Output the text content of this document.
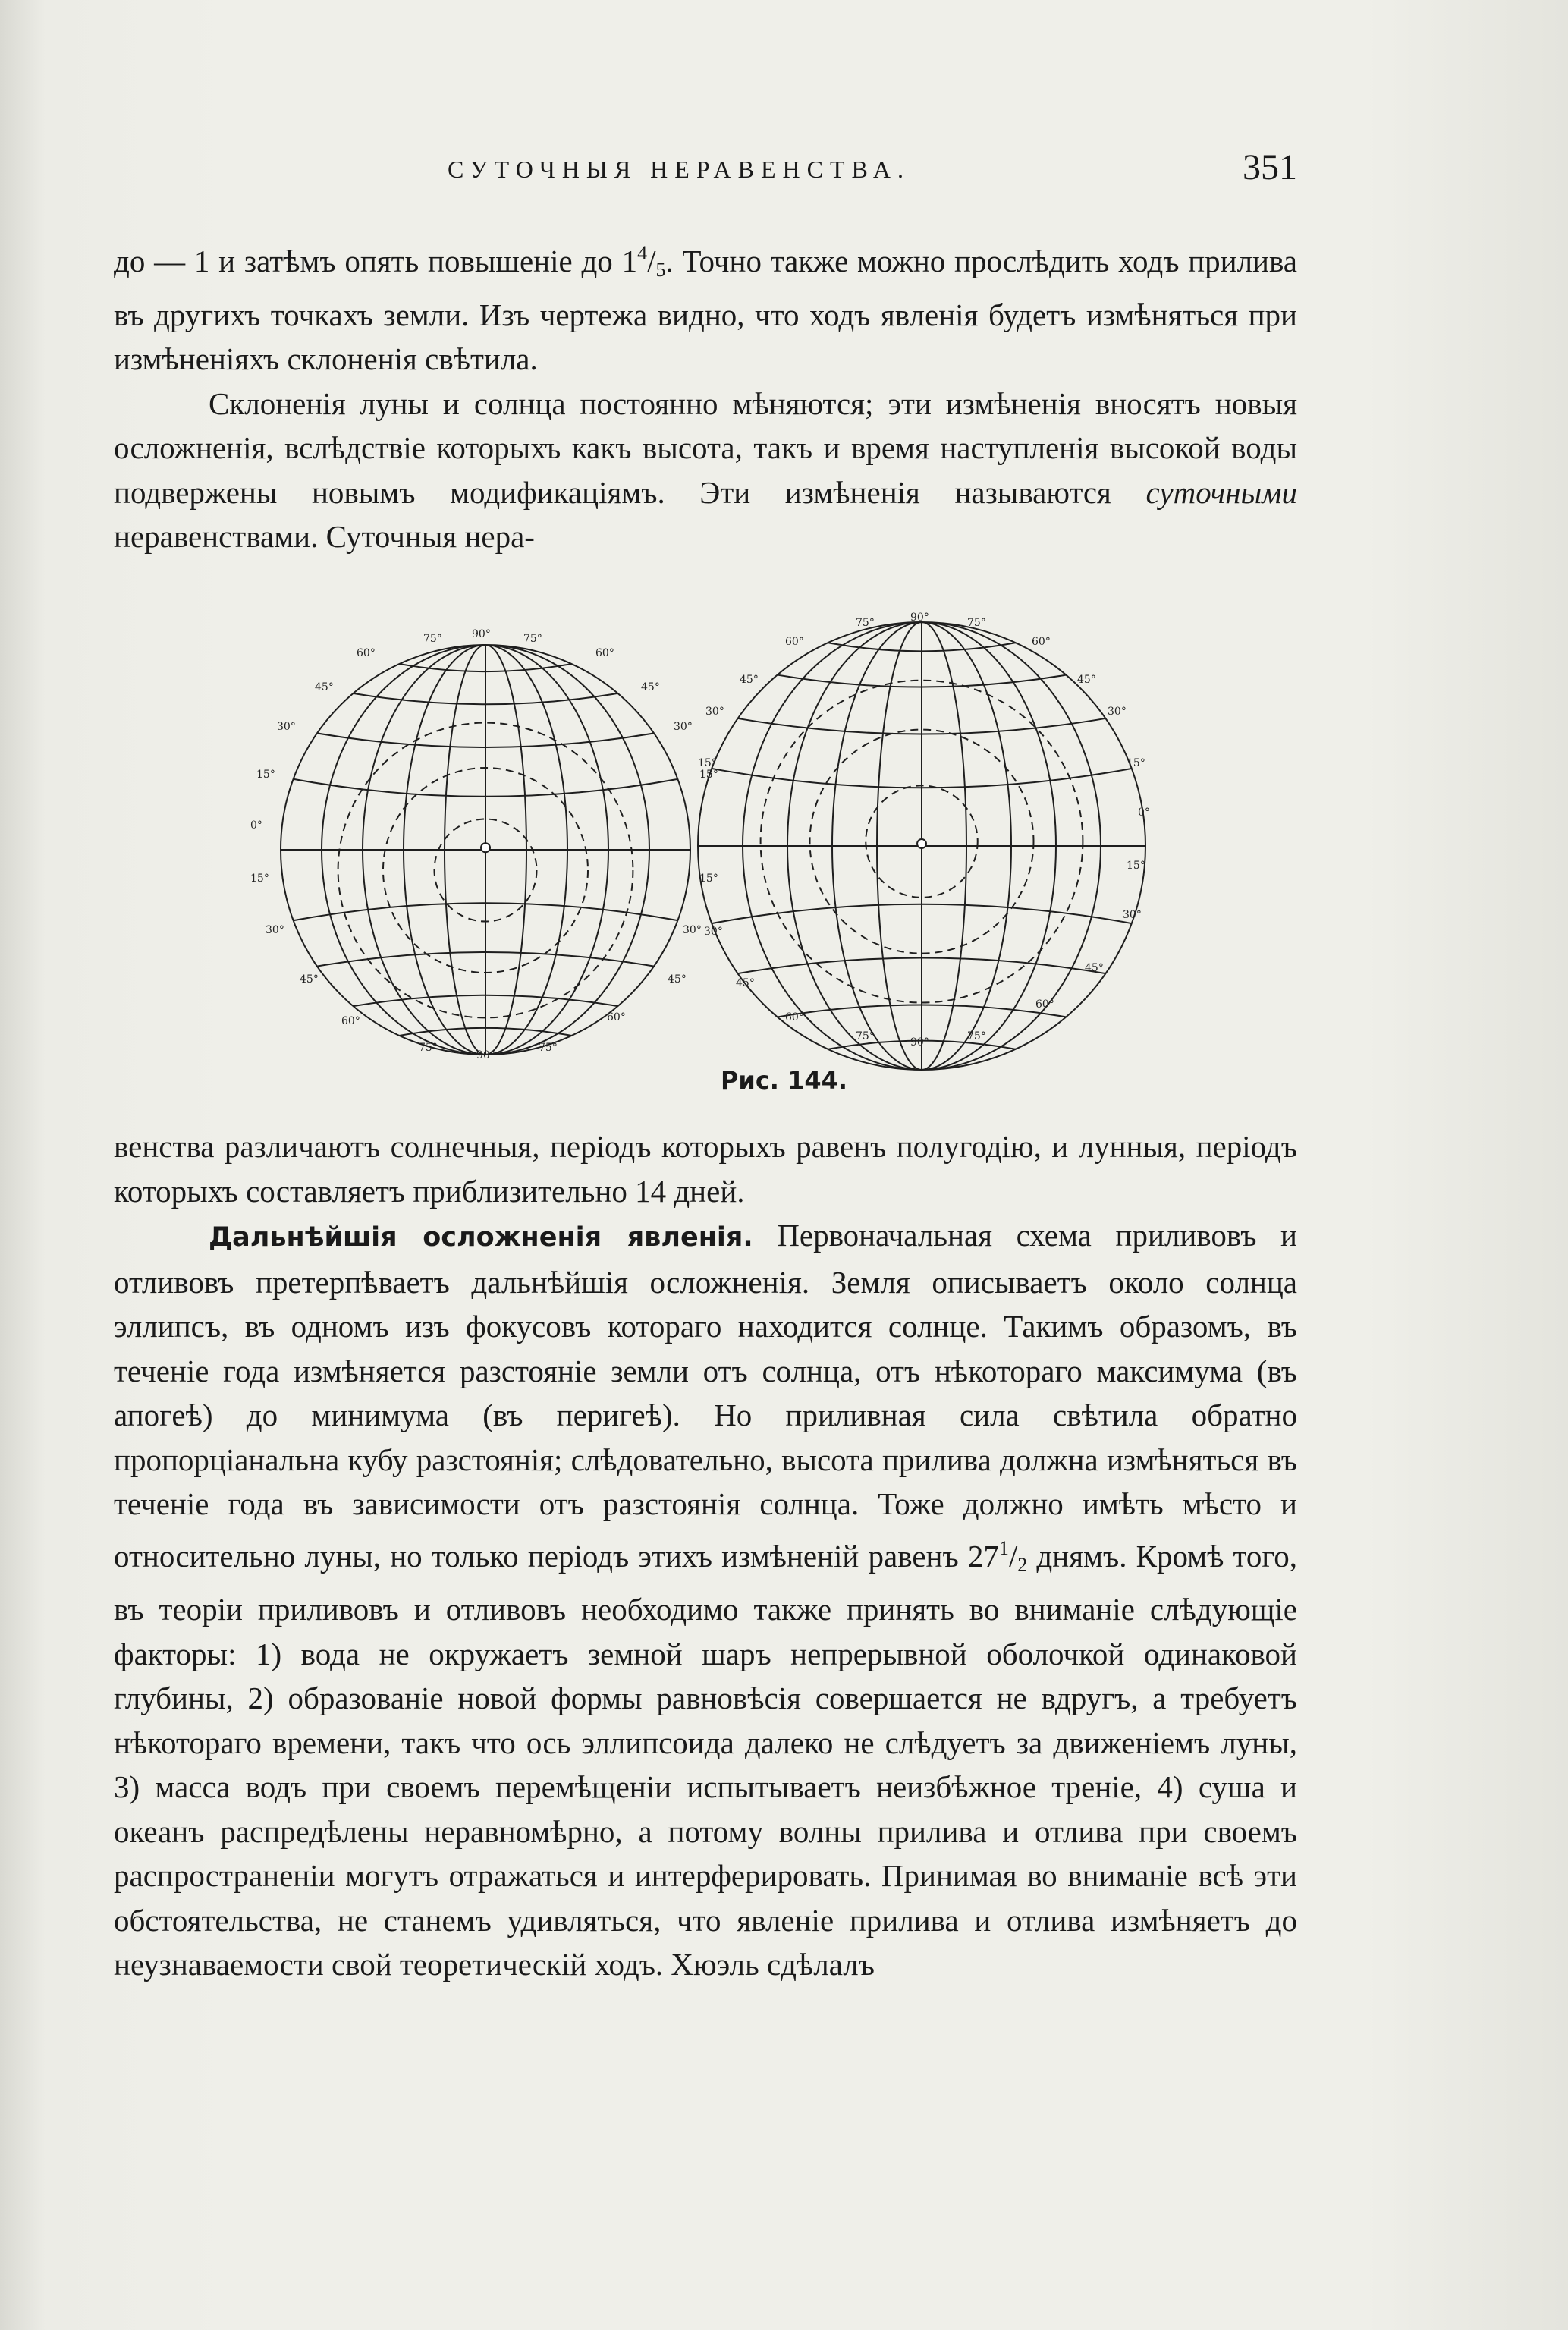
СУТОЧНЫЯ НЕРАВЕНСТВА.	351

до — 1 и затѣмъ опять повышеніе до $1^4/_5$. Точно также можно прослѣдить ходъ прилива въ другихъ точкахъ земли. Изъ чертежа видно, что ходъ явленія будетъ измѣняться при измѣненіяхъ склоненія свѣтила.

Склоненія луны и солнца постоянно мѣняются; эти измѣненія вносятъ новыя осложненія, вслѣдствіе которыхъ какъ высота, такъ и время наступленія высокой воды подвержены новымъ модификаціямъ. Эти измѣненія называются суточными неравенствами. Суточныя нера-

90°
75°	75°
60°	60°
45°	45°
30°	30°
15°	15°
0°
15°	15°
30°	30°
45°	45°
60°	60°
75°	75°
90°
90°
75°	75°
60°	60°
45°	45°
30°	30°
15°	15°
0°
15°
30°
30°
45°
45°
60°
60°
75°	75°
90°
Рис. 144.

венства различаютъ солнечныя, періодъ которыхъ равенъ полугодію, и лунныя, періодъ которыхъ составляетъ приблизительно 14 дней.

Дальнѣйшія осложненія явленія. Первоначальная схема приливовъ и отливовъ претерпѣваетъ дальнѣйшія осложненія. Земля описываетъ около солнца эллипсъ, въ одномъ изъ фокусовъ котораго находится солнце. Такимъ образомъ, въ теченіе года измѣняется разстояніе земли отъ солнца, отъ нѣкотораго максимума (въ апогеѣ) до минимума (въ перигеѣ). Но приливная сила свѣтила обратно пропорціанальна кубу разстоянія; слѣдовательно, высота прилива должна измѣняться въ теченіе года въ зависимости отъ разстоянія солнца. Тоже должно имѣть мѣсто и относительно луны, но только періодъ этихъ измѣненій равенъ $27^1/_2$ днямъ. Кромѣ того, въ теоріи приливовъ и отливовъ необходимо также принять во вниманіе слѣдующіе факторы: 1) вода не окружаетъ земной шаръ непрерывной оболочкой одинаковой глубины, 2) образованіе новой формы равновѣсія совершается не вдругъ, а требуетъ нѣкотораго времени, такъ что ось эллипсоида далеко не слѣдуетъ за движеніемъ луны, 3) масса водъ при своемъ перемѣщеніи испытываетъ неизбѣжное треніе, 4) суша и океанъ распредѣлены неравномѣрно, а потому волны прилива и отлива при своемъ распространеніи могутъ отражаться и интерферировать. Принимая во вниманіе всѣ эти обстоятельства, не станемъ удивляться, что явленіе прилива и отлива измѣняетъ до неузнаваемости свой теоретическій ходъ. Хюэль сдѣлалъ
